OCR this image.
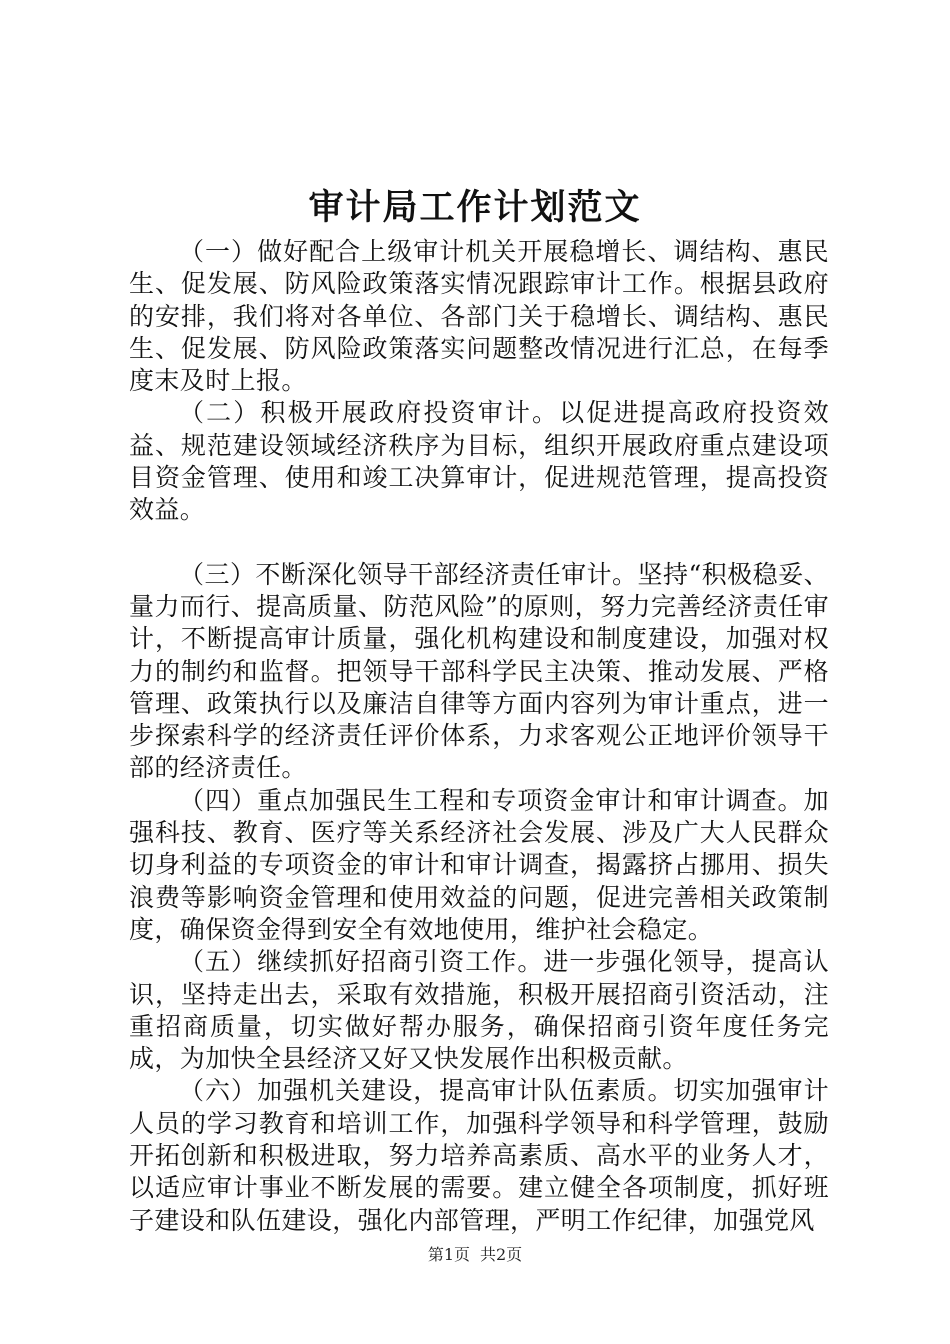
审计局工作计划范文

（一）做好配合上级审计机关开展稳增长、调结构、惠民生、促发展、防风险政策落实情况跟踪审计工作。根据县政府的安排，我们将对各单位、各部门关于稳增长、调结构、惠民生、促发展、防风险政策落实问题整改情况进行汇总，在每季度末及时上报。

（二）积极开展政府投资审计。以促进提高政府投资效益、规范建设领域经济秩序为目标，组织开展政府重点建设项目资金管理、使用和竣工决算审计，促进规范管理，提高投资效益。

（三）不断深化领导干部经济责任审计。坚持“积极稳妥、量力而行、提高质量、防范风险”的原则，努力完善经济责任审计，不断提高审计质量，强化机构建设和制度建设，加强对权力的制约和监督。把领导干部科学民主决策、推动发展、严格管理、政策执行以及廉洁自律等方面内容列为审计重点，进一步探索科学的经济责任评价体系，力求客观公正地评价领导干部的经济责任。

（四）重点加强民生工程和专项资金审计和审计调查。加强科技、教育、医疗等关系经济社会发展、涉及广大人民群众切身利益的专项资金的审计和审计调查，揭露挤占挪用、损失浪费等影响资金管理和使用效益的问题，促进完善相关政策制度，确保资金得到安全有效地使用，维护社会稳定。

（五）继续抓好招商引资工作。进一步强化领导，提高认识，坚持走出去，采取有效措施，积极开展招商引资活动，注重招商质量，切实做好帮办服务，确保招商引资年度任务完成，为加快全县经济又好又快发展作出积极贡献。

（六）加强机关建设，提高审计队伍素质。切实加强审计人员的学习教育和培训工作，加强科学领导和科学管理，鼓励开拓创新和积极进取，努力培养高素质、高水平的业务人才，以适应审计事业不断发展的需要。建立健全各项制度，抓好班子建设和队伍建设，强化内部管理，严明工作纪律，加强党风

第1页 共2页
